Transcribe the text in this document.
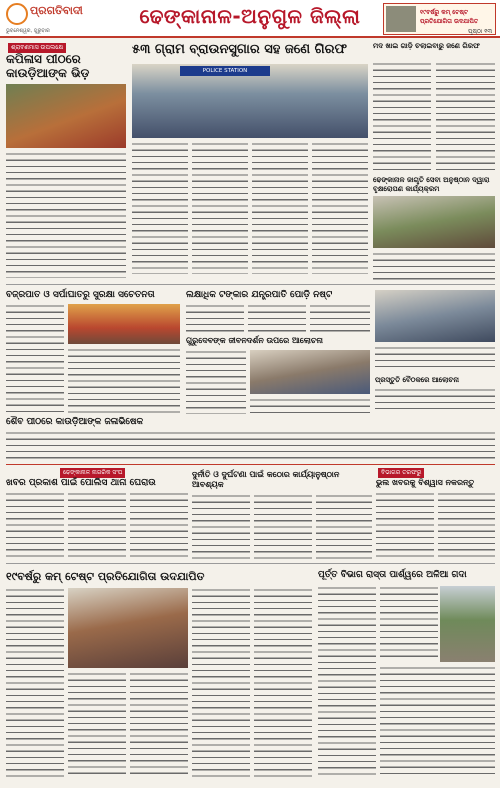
ପ୍ରଗତିବାଦୀ
ଭୁବନେଶ୍ୱର, ଗୁରୁବାର
ଢେଙ୍କାନାଳ-ଅନୁଗୁଳ ଜିଲ୍ଲା	୧୯ବର୍ଷରୁ କମ୍ ଟେଷ୍ଟ ପ୍ରତିଯୋଗିତା ଉଦଯାପିତ
ପୃଷ୍ଠା ୧୩
ଶ୍ରାବଣମାସ ଉପଲକ୍ଷେ
କପିଳାସ ପୀଠରେ କାଉଡ଼ିଆଙ୍କ ଭିଡ଼
୫୩ ଗ୍ରାମ ବ୍ରାଉନସୁଗାର ସହ ଜଣେ ଗିରଫ
POLICE STATION
ମଦ ଖାଇ ଗାଡ଼ି ଚଲାଇବାରୁ ଜଣେ ଗିରଫ
ଢେଙ୍କାନାଳ ଜାଗୃତି ସେବା ଅନୁଷ୍ଠାନ ଦ୍ୱାରା ବୃକ୍ଷରୋପଣ କାର୍ଯ୍ୟକ୍ରମ
ବଜ୍ରପାତ ଓ ସର୍ପାଘାତରୁ ସୁରକ୍ଷା ସଚେତନତା	ଲକ୍ଷାଧିକ ଟଙ୍କାର ଯନ୍ତ୍ରପାତି ପୋଡ଼ି ନଷ୍ଟ
ଗୁରୁଦେବଙ୍କ ଜୀବନଦର୍ଶନ ଉପରେ ଆଲୋଚନା
ପ୍ରସ୍ତୁତି ବୈଠକରେ ଆଲୋଚନା
ଶୈବ ପୀଠରେ କାଉଡ଼ିଆଙ୍କ ଜଳାଭିଷେକ
ଢେଙ୍କାନାଳ ନାଗରିକ ସଂଘ
ଖବର ପ୍ରକାଶ ପାଇଁ ପୋଲିସ ଥାନା ଘେରାଉ
ଦୁର୍ନୀତି ଓ ଦୁର୍ଘଟଣା ପାଇଁ କଠୋର କାର୍ଯ୍ୟାନୁଷ୍ଠାନ ଆବଶ୍ୟକ
ବିଭାଗର ତରଫରୁ
ଭୁଲ ଖବରକୁ ବିଶ୍ୱାସ ନକରନ୍ତୁ
୧୯ବର୍ଷରୁ କମ୍ ଟେଷ୍ଟ ପ୍ରତିଯୋଗିତା ଉଦଯାପିତ	ପୂର୍ତ୍ତ ବିଭାଗ ରାସ୍ତା ପାର୍ଶ୍ୱରେ ଅଳିଆ ଗଦା
